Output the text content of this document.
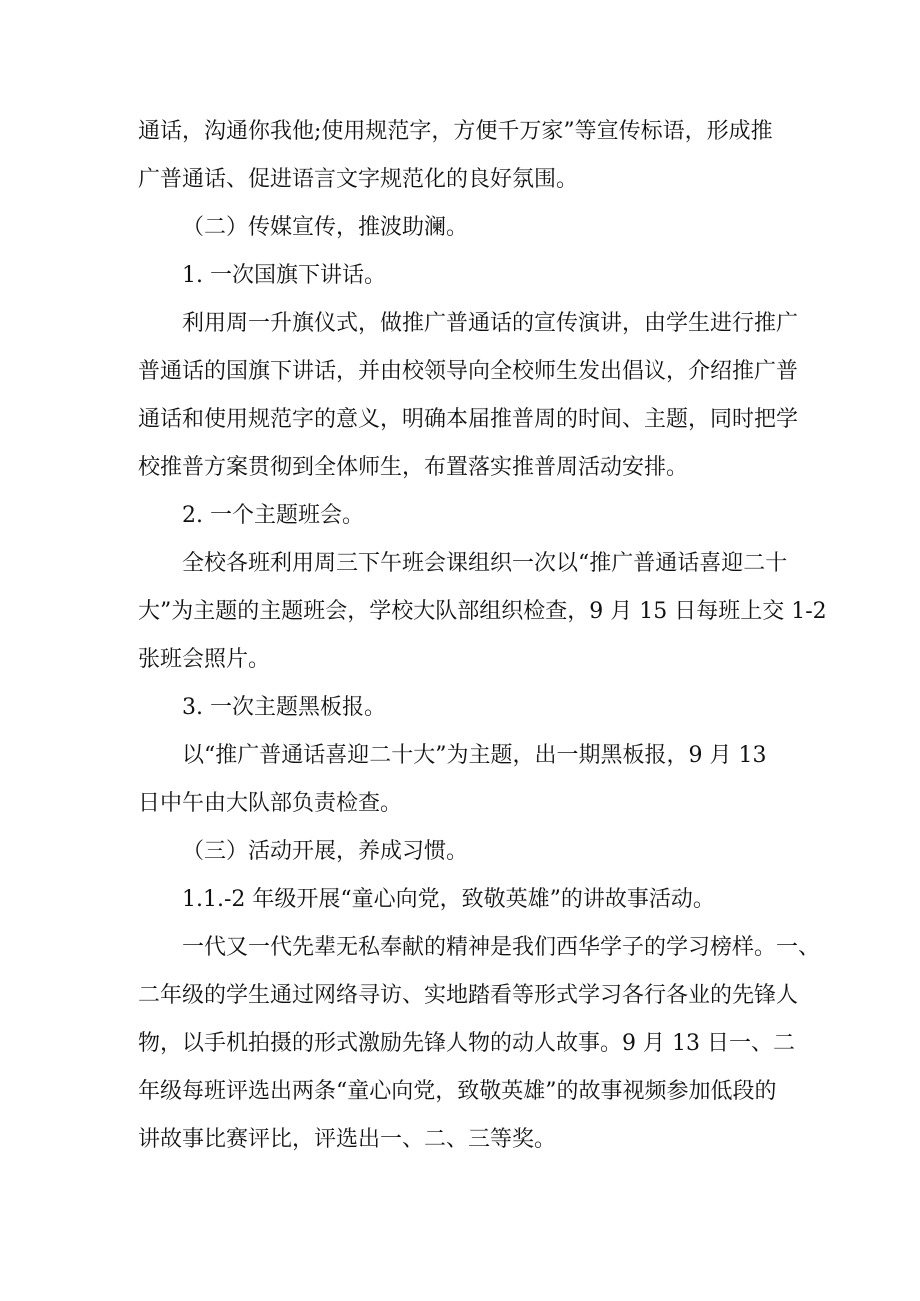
通话，沟通你我他;使用规范字，方便千万家”等宣传标语，形成推
广普通话、促进语言文字规范化的良好氛围。
（二）传媒宣传，推波助澜。
1. 一次国旗下讲话。
利用周一升旗仪式，做推广普通话的宣传演讲，由学生进行推广
普通话的国旗下讲话，并由校领导向全校师生发出倡议，介绍推广普
通话和使用规范字的意义，明确本届推普周的时间、主题，同时把学
校推普方案贯彻到全体师生，布置落实推普周活动安排。
2. 一个主题班会。
全校各班利用周三下午班会课组织一次以“推广普通话喜迎二十
大”为主题的主题班会，学校大队部组织检查，9 月 15 日每班上交 1-2
张班会照片。
3. 一次主题黑板报。
以“推广普通话喜迎二十大”为主题，出一期黑板报，9 月 13
日中午由大队部负责检查。
（三）活动开展，养成习惯。
1.1.-2 年级开展“童心向党，致敬英雄”的讲故事活动。
一代又一代先辈无私奉献的精神是我们西华学子的学习榜样。一、
二年级的学生通过网络寻访、实地踏看等形式学习各行各业的先锋人
物，以手机拍摄的形式激励先锋人物的动人故事。9 月 13 日一、二
年级每班评选出两条“童心向党，致敬英雄”的故事视频参加低段的
讲故事比赛评比，评选出一、二、三等奖。
